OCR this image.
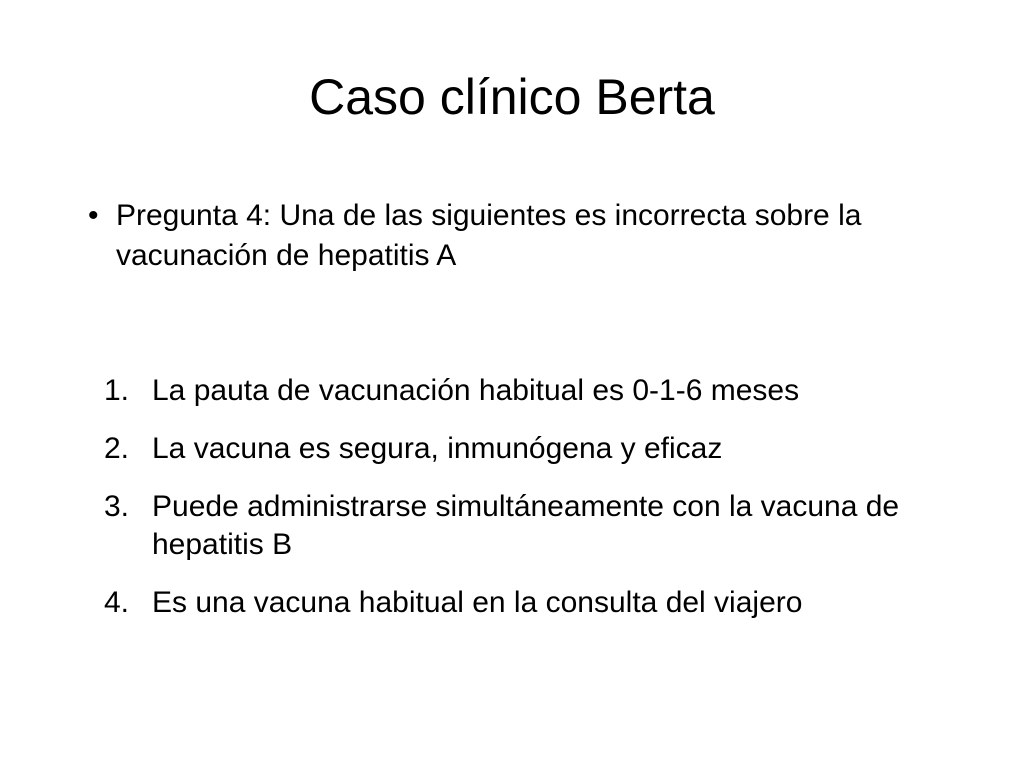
Caso clínico Berta
• Pregunta 4: Una de las siguientes es incorrecta sobre la vacunación de hepatitis A
1. La pauta de vacunación habitual es 0-1-6 meses
2. La vacuna es segura, inmunógena y eficaz
3. Puede administrarse simultáneamente con la vacuna de hepatitis B
4. Es una vacuna habitual en la consulta del viajero
